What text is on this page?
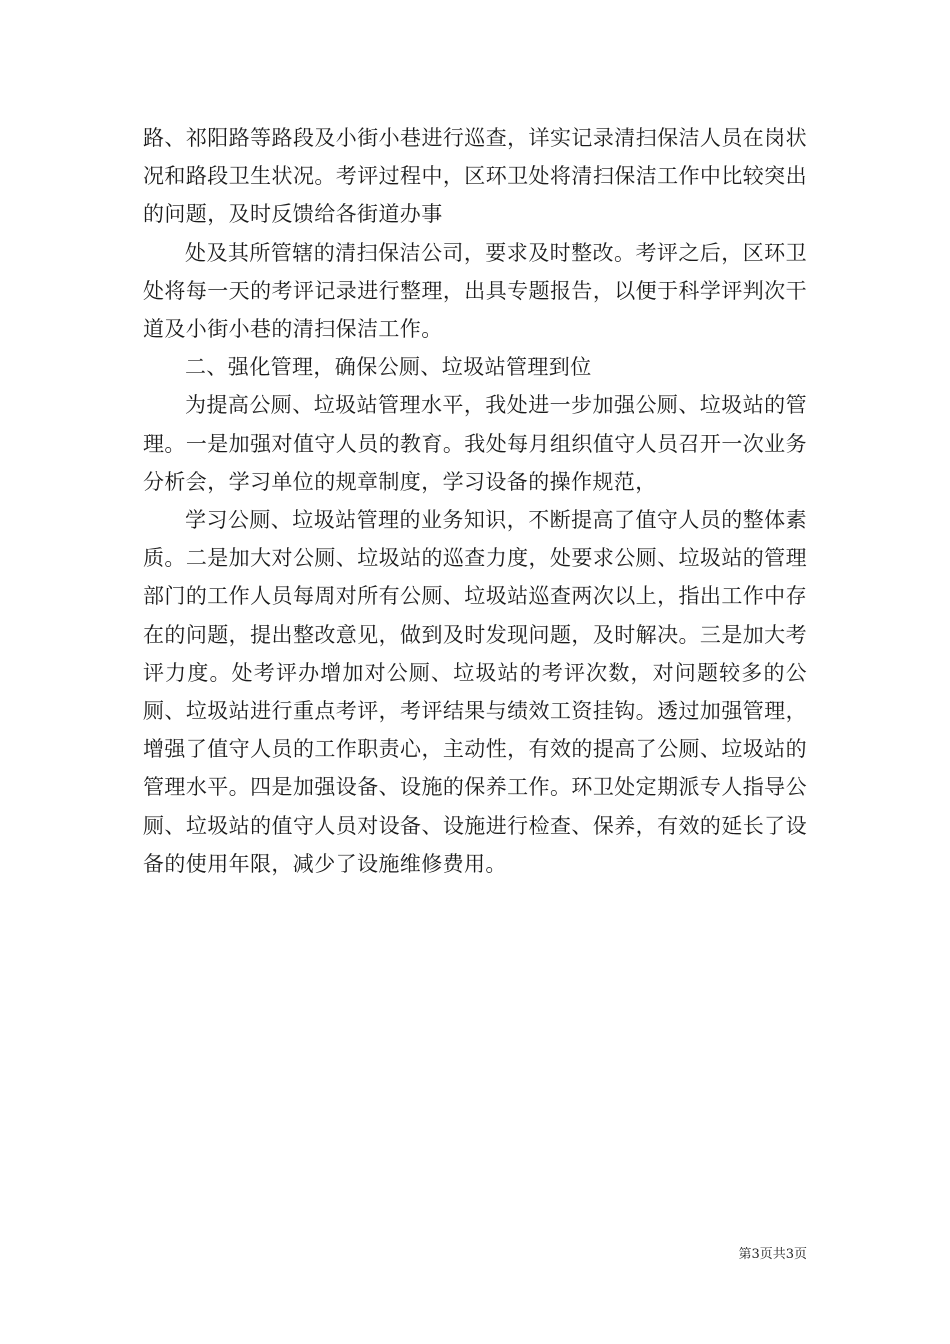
路、祁阳路等路段及小街小巷进行巡查，详实记录清扫保洁人员在岗状况和路段卫生状况。考评过程中，区环卫处将清扫保洁工作中比较突出的问题，及时反馈给各街道办事

处及其所管辖的清扫保洁公司，要求及时整改。考评之后，区环卫处将每一天的考评记录进行整理，出具专题报告，以便于科学评判次干道及小街小巷的清扫保洁工作。

二、强化管理，确保公厕、垃圾站管理到位

为提高公厕、垃圾站管理水平，我处进一步加强公厕、垃圾站的管理。一是加强对值守人员的教育。我处每月组织值守人员召开一次业务分析会，学习单位的规章制度，学习设备的操作规范，

学习公厕、垃圾站管理的业务知识，不断提高了值守人员的整体素质。二是加大对公厕、垃圾站的巡查力度，处要求公厕、垃圾站的管理部门的工作人员每周对所有公厕、垃圾站巡查两次以上，指出工作中存在的问题，提出整改意见，做到及时发现问题，及时解决。三是加大考评力度。处考评办增加对公厕、垃圾站的考评次数，对问题较多的公厕、垃圾站进行重点考评，考评结果与绩效工资挂钩。透过加强管理，增强了值守人员的工作职责心，主动性，有效的提高了公厕、垃圾站的管理水平。四是加强设备、设施的保养工作。环卫处定期派专人指导公厕、垃圾站的值守人员对设备、设施进行检查、保养，有效的延长了设备的使用年限，减少了设施维修费用。

第3页共3页
